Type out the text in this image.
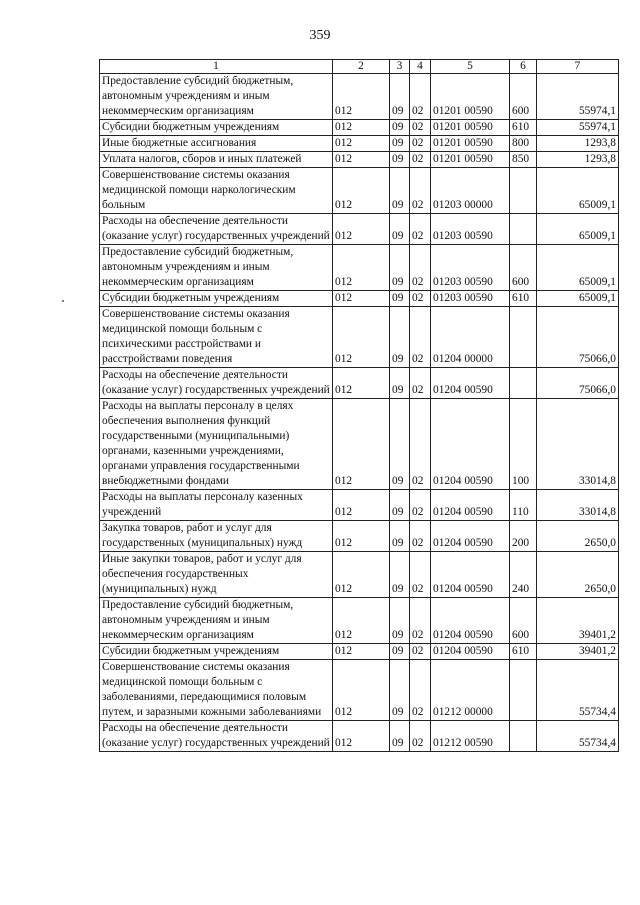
359
1	2	3	4	5	6	7
Предоставление субсидий бюджетным, автономным учреждениям и иным некоммерческим организациям	012	09	02	01201 00590	600	55974,1
Субсидии бюджетным учреждениям	012	09	02	01201 00590	610	55974,1
Иные бюджетные ассигнования	012	09	02	01201 00590	800	1293,8
Уплата налогов, сборов и иных платежей	012	09	02	01201 00590	850	1293,8
Совершенствование системы оказания медицинской помощи наркологическим больным	012	09	02	01203 00000		65009,1
Расходы на обеспечение деятельности (оказание услуг) государственных учреждений	012	09	02	01203 00590		65009,1
Предоставление субсидий бюджетным, автономным учреждениям и иным некоммерческим организациям	012	09	02	01203 00590	600	65009,1
Субсидии бюджетным учреждениям	012	09	02	01203 00590	610	65009,1
Совершенствование системы оказания медицинской помощи больным с психическими расстройствами и расстройствами поведения	012	09	02	01204 00000		75066,0
Расходы на обеспечение деятельности (оказание услуг) государственных учреждений	012	09	02	01204 00590		75066,0
Расходы на выплаты персоналу в целях обеспечения выполнения функций государственными (муниципальными) органами, казенными учреждениями, органами управления государственными внебюджетными фондами	012	09	02	01204 00590	100	33014,8
Расходы на выплаты персоналу казенных учреждений	012	09	02	01204 00590	110	33014,8
Закупка товаров, работ и услуг для государственных (муниципальных) нужд	012	09	02	01204 00590	200	2650,0
Иные закупки товаров, работ и услуг для обеспечения государственных (муниципальных) нужд	012	09	02	01204 00590	240	2650,0
Предоставление субсидий бюджетным, автономным учреждениям и иным некоммерческим организациям	012	09	02	01204 00590	600	39401,2
Субсидии бюджетным учреждениям	012	09	02	01204 00590	610	39401,2
Совершенствование системы оказания медицинской помощи больным с заболеваниями, передающимися половым путем, и заразными кожными заболеваниями	012	09	02	01212 00000		55734,4
Расходы на обеспечение деятельности (оказание услуг) государственных учреждений	012	09	02	01212 00590		55734,4
